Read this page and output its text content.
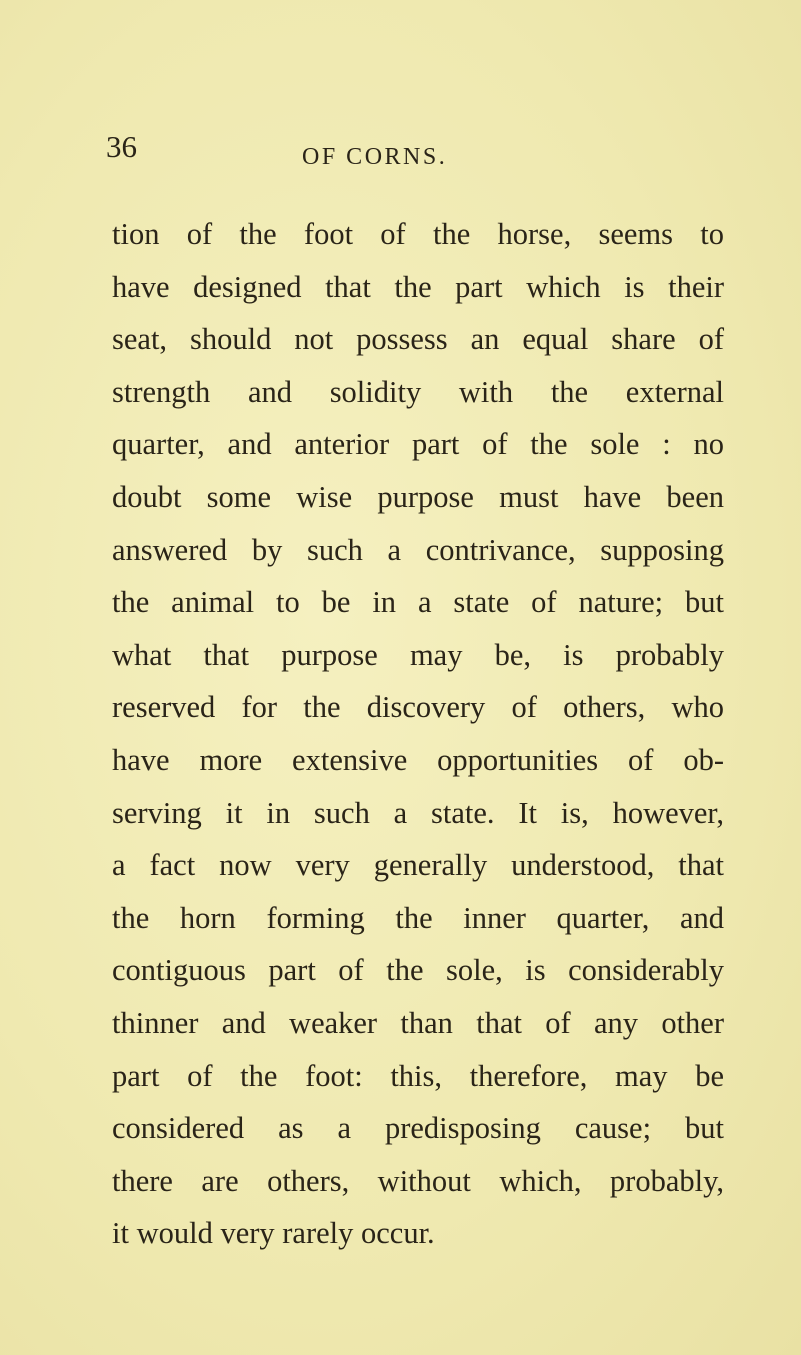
36	OF CORNS.
tion of the foot of the horse, seems to
have designed that the part which is their
seat, should not possess an equal share of
strength and solidity with the external
quarter, and anterior part of the sole : no
doubt some wise purpose must have been
answered by such a contrivance, supposing
the animal to be in a state of nature; but
what that purpose may be, is probably
reserved for the discovery of others, who
have more extensive opportunities of ob-
serving it in such a state. It is, however,
a fact now very generally understood, that
the horn forming the inner quarter, and
contiguous part of the sole, is considerably
thinner and weaker than that of any other
part of the foot: this, therefore, may be
considered as a predisposing cause; but
there are others, without which, probably,
it would very rarely occur.
